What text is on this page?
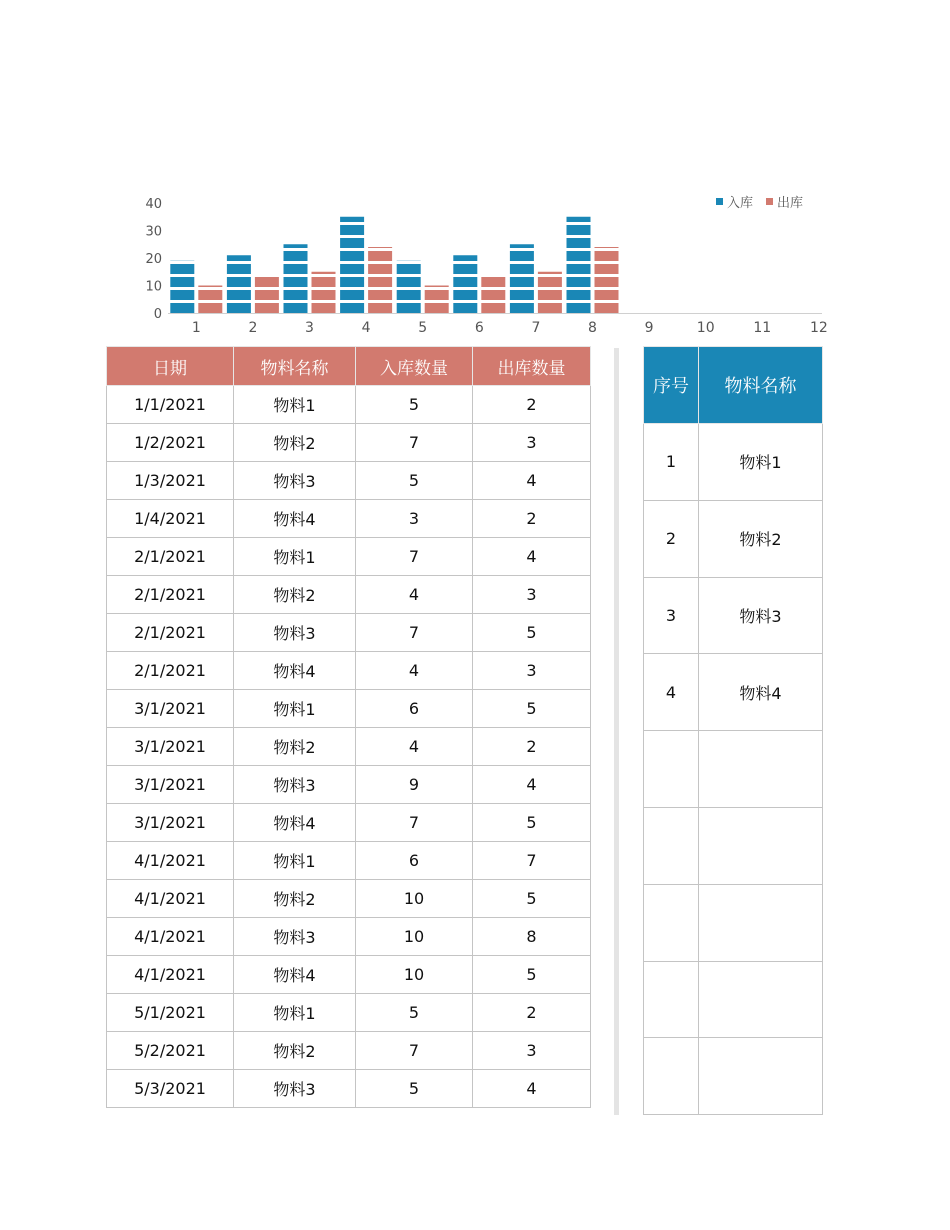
0
10
20
30
40
1	2	3	4	5	6	7	8	9	10	11	12
入库 出库
日期	物料名称	入库数量	出库数量
1/1/2021	物料1	5	2
1/2/2021	物料2	7	3
1/3/2021	物料3	5	4
1/4/2021	物料4	3	2
2/1/2021	物料1	7	4
2/1/2021	物料2	4	3
2/1/2021	物料3	7	5
2/1/2021	物料4	4	3
3/1/2021	物料1	6	5
3/1/2021	物料2	4	2
3/1/2021	物料3	9	4
3/1/2021	物料4	7	5
4/1/2021	物料1	6	7
4/1/2021	物料2	10	5
4/1/2021	物料3	10	8
4/1/2021	物料4	10	5
5/1/2021	物料1	5	2
5/2/2021	物料2	7	3
5/3/2021	物料3	5	4
序号	物料名称
1	物料1
2	物料2
3	物料3
4	物料4
